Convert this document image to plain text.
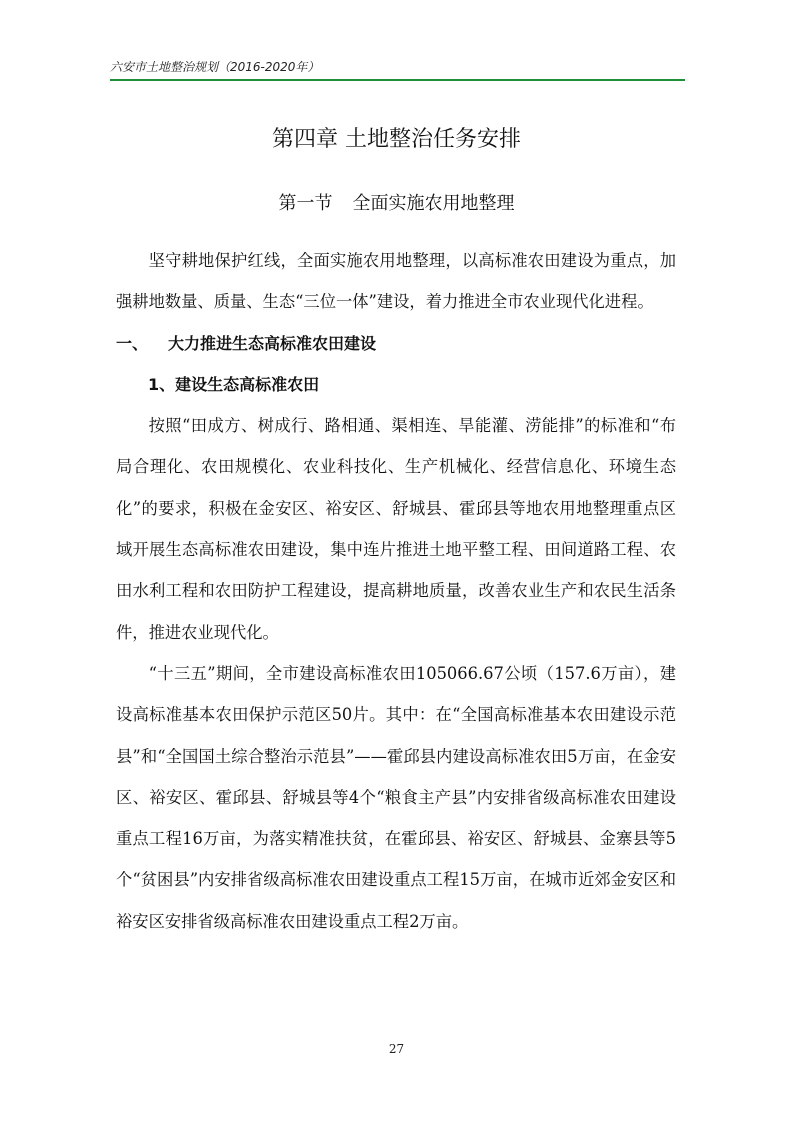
六安市土地整治规划（2016-2020年）
第四章 土地整治任务安排
第一节 全面实施农用地整理

坚守耕地保护红线，全面实施农用地整理，以高标准农田建设为重点，加强耕地数量、质量、生态“三位一体”建设，着力推进全市农业现代化进程。

一、 大力推进生态高标准农田建设

1、建设生态高标准农田

按照“田成方、树成行、路相通、渠相连、旱能灌、涝能排”的标准和“布局合理化、农田规模化、农业科技化、生产机械化、经营信息化、环境生态化”的要求，积极在金安区、裕安区、舒城县、霍邱县等地农用地整理重点区域开展生态高标准农田建设，集中连片推进土地平整工程、田间道路工程、农田水利工程和农田防护工程建设，提高耕地质量，改善农业生产和农民生活条件，推进农业现代化。

“十三五”期间，全市建设高标准农田105066.67公顷（157.6万亩），建设高标准基本农田保护示范区50片。其中：在“全国高标准基本农田建设示范县”和“全国国土综合整治示范县”——霍邱县内建设高标准农田5万亩，在金安区、裕安区、霍邱县、舒城县等4个“粮食主产县”内安排省级高标准农田建设重点工程16万亩，为落实精准扶贫，在霍邱县、裕安区、舒城县、金寨县等5个“贫困县”内安排省级高标准农田建设重点工程15万亩，在城市近郊金安区和裕安区安排省级高标准农田建设重点工程2万亩。

27
